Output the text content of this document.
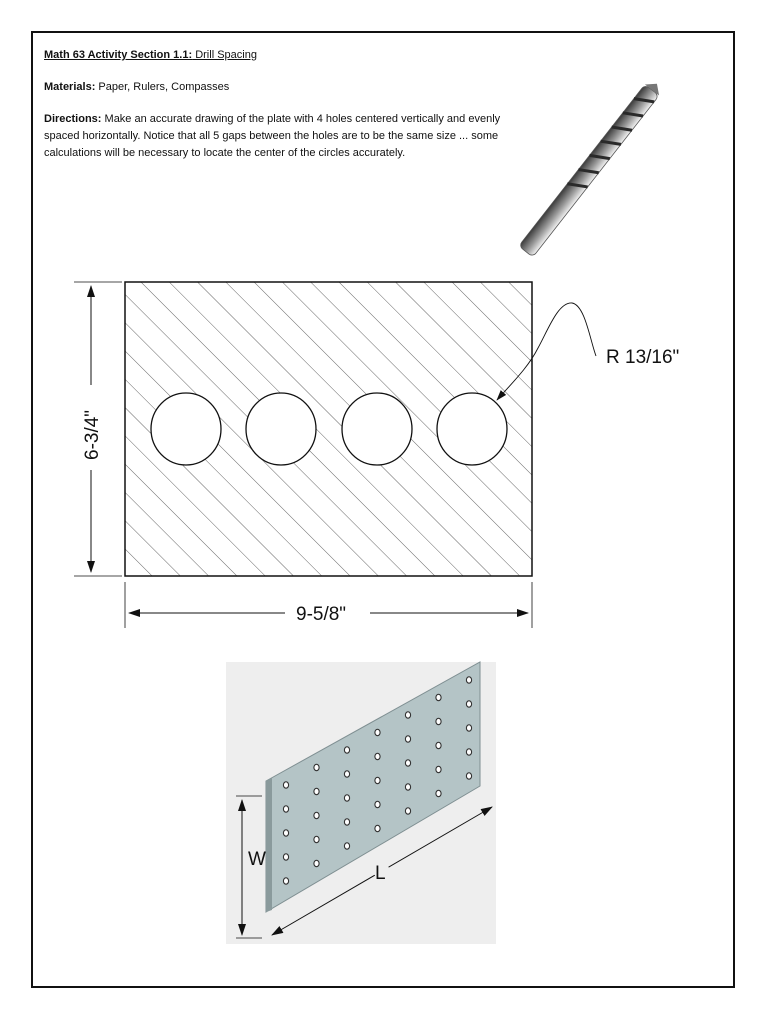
Math 63 Activity Section 1.1: Drill Spacing
Materials: Paper, Rulers, Compasses
Directions: Make an accurate drawing of the plate with 4 holes centered vertically and evenly spaced horizontally. Notice that all 5 gaps between the holes are to be the same size ... some calculations will be necessary to locate the center of the circles accurately.
R 13/16"
6-3/4"
9-5/8"
W
L
